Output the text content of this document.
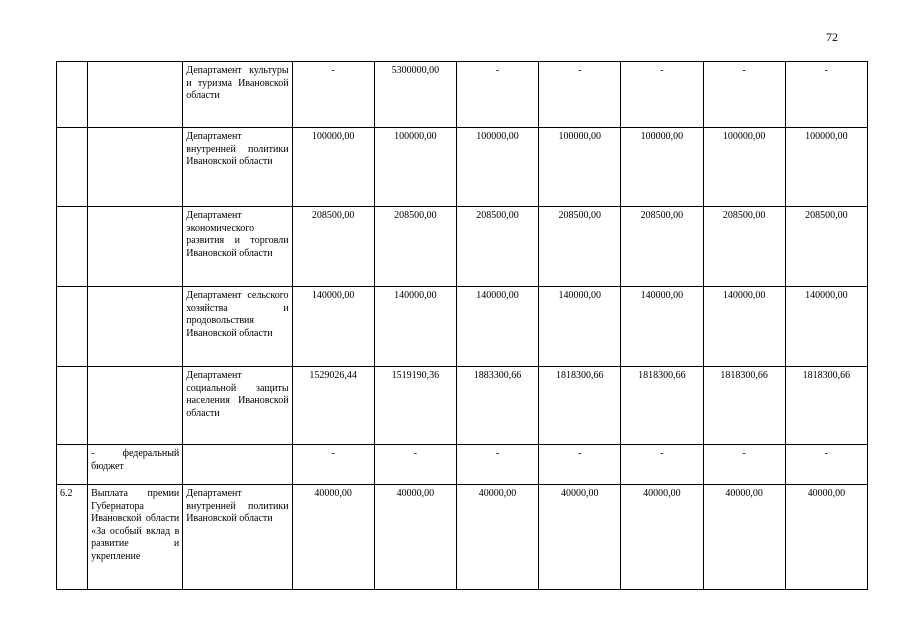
72
		Департамент культуры и туризма Ивановской области	-	5300000,00	-	-	-	-	-
		Департамент внутренней политики Ивановской области	100000,00	100000,00	100000,00	100000,00	100000,00	100000,00	100000,00
		Департамент экономического развития и торговли Ивановской области	208500,00	208500,00	208500,00	208500,00	208500,00	208500,00	208500,00
		Департамент сельского хозяйства и продовольствия Ивановской области	140000,00	140000,00	140000,00	140000,00	140000,00	140000,00	140000,00
		Департамент социальной защиты населения Ивановской области	1529026,44	1519190,36	1883300,66	1818300,66	1818300,66	1818300,66	1818300,66
	- федеральный бюджет		-	-	-	-	-	-	-
6.2	Выплата премии Губернатора Ивановской области «За особый вклад в развитие и укрепление	Департамент внутренней политики Ивановской области	40000,00	40000,00	40000,00	40000,00	40000,00	40000,00	40000,00
